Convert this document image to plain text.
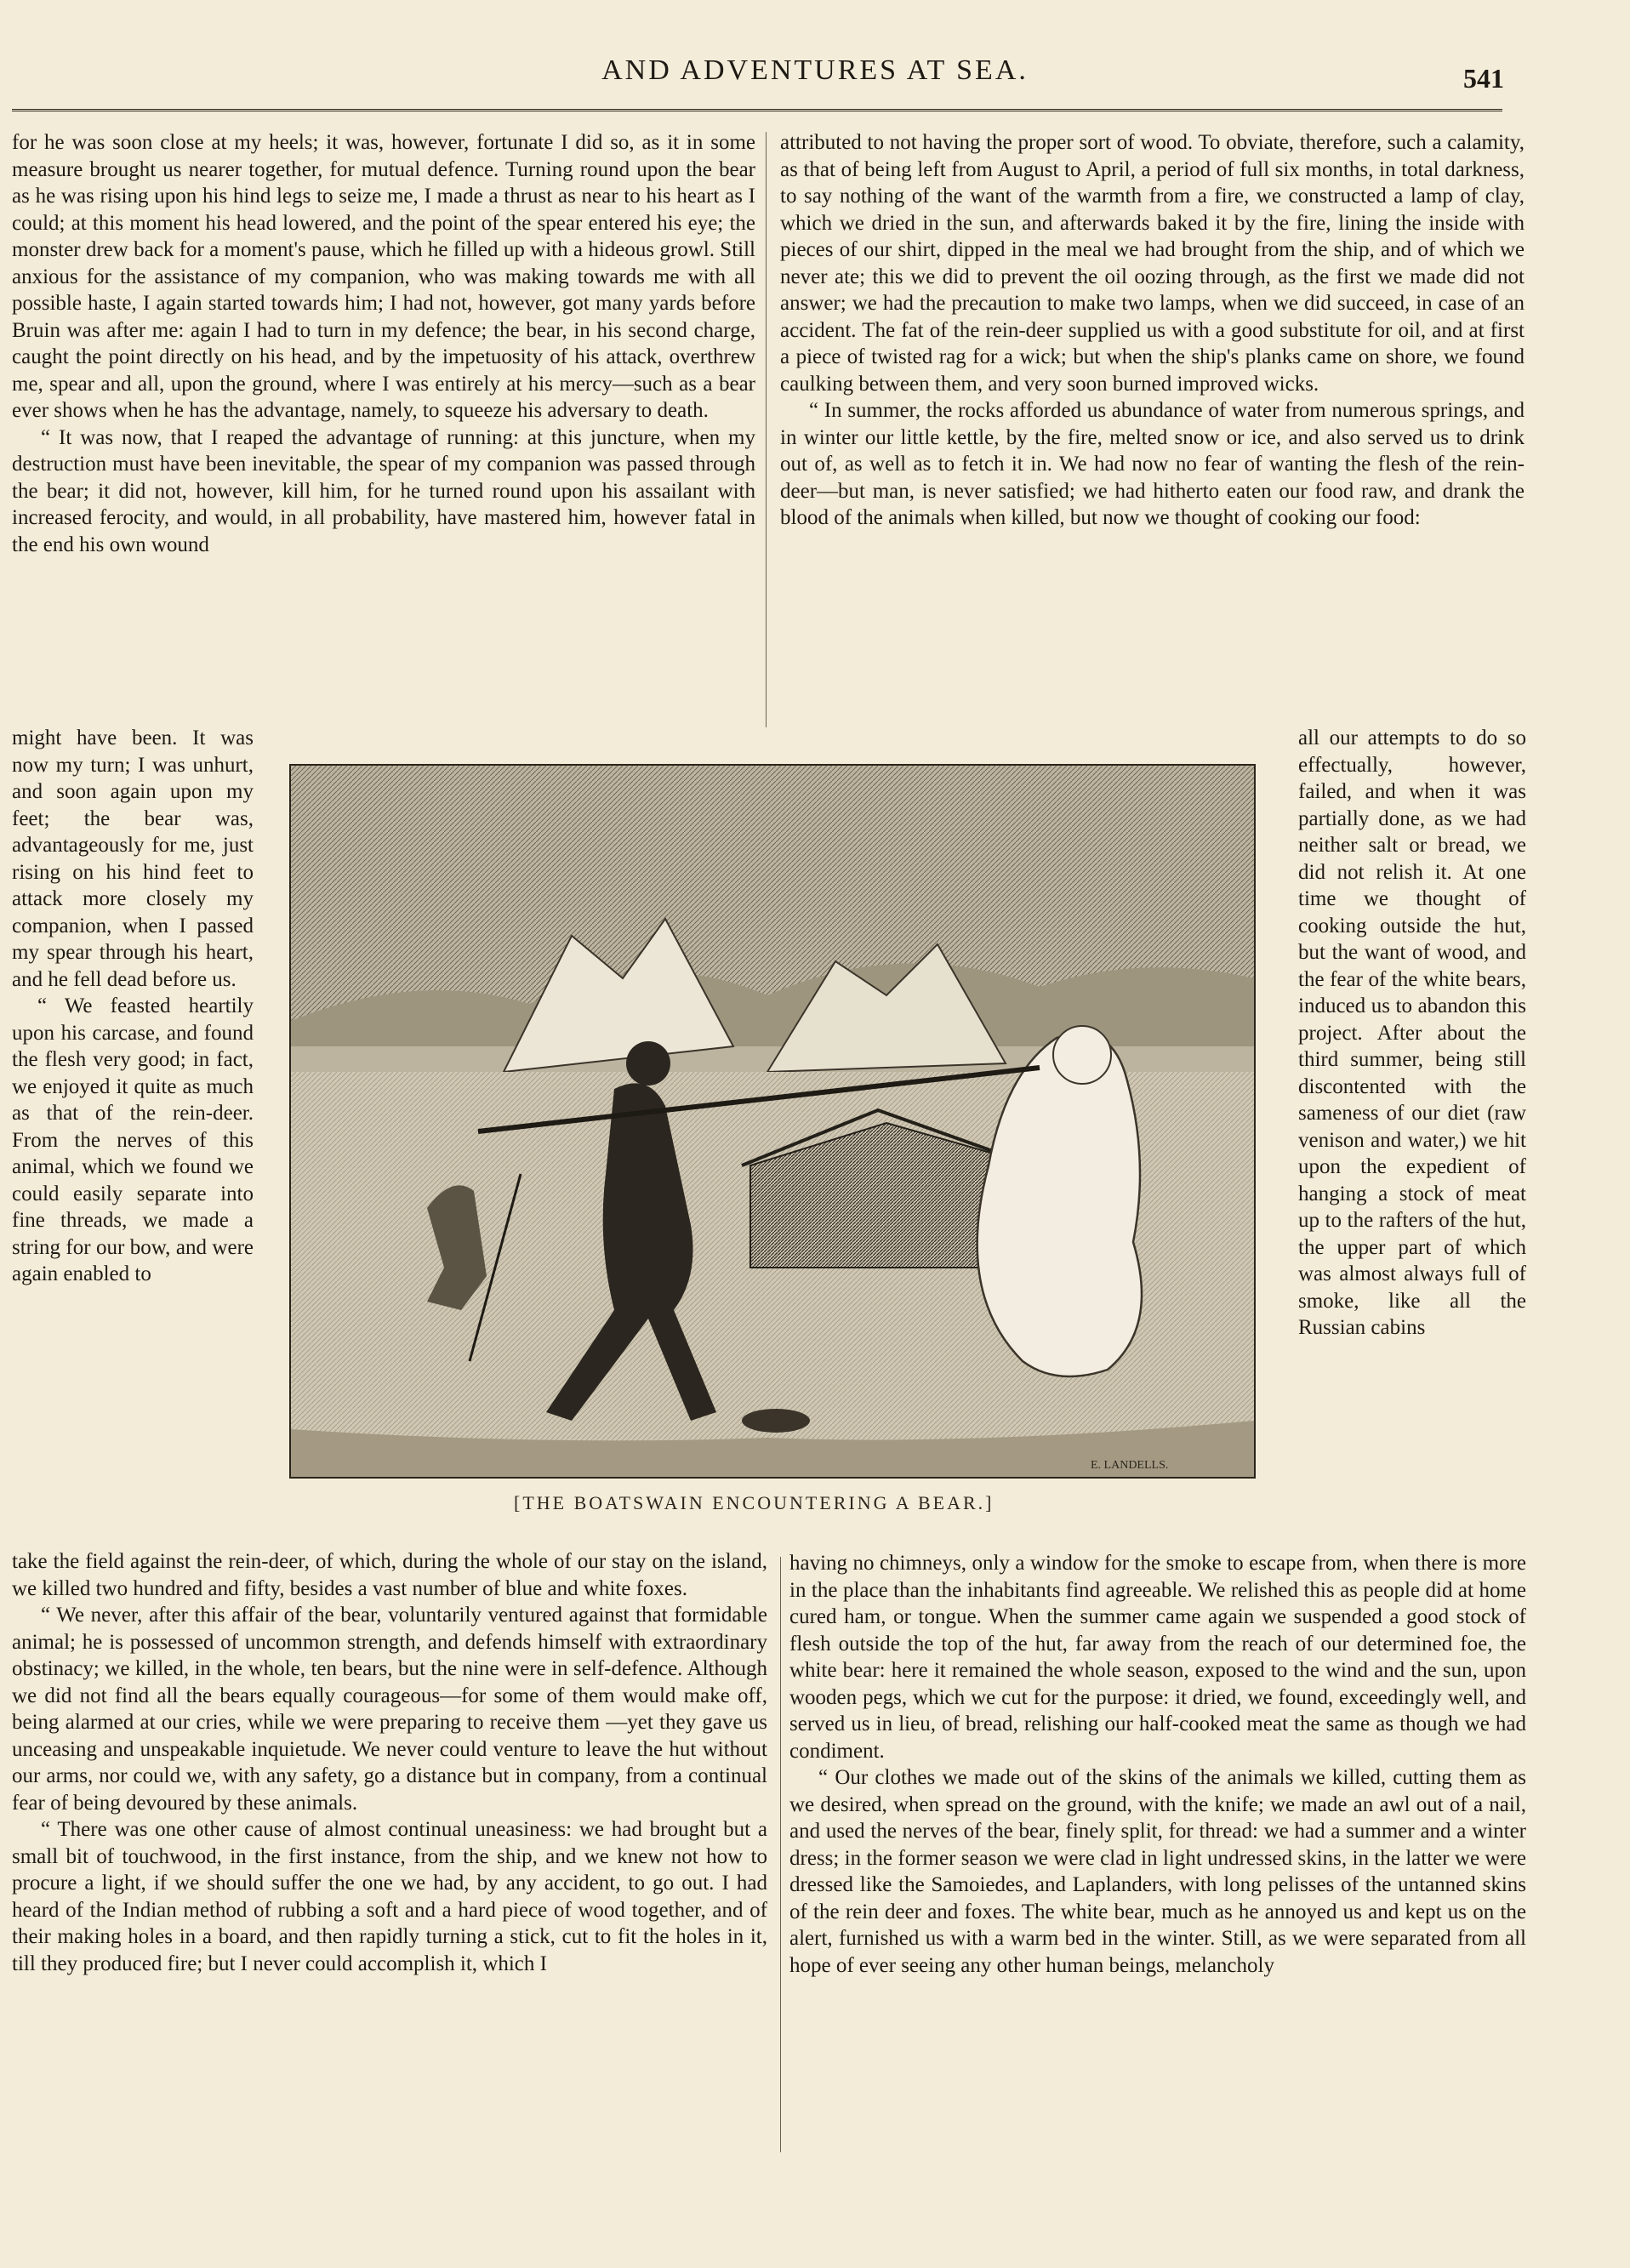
AND ADVENTURES AT SEA.	541

for he was soon close at my heels; it was, however, fortunate I did so, as it in some measure brought us nearer together, for mutual defence. Turning round upon the bear as he was rising upon his hind legs to seize me, I made a thrust as near to his heart as I could; at this moment his head lowered, and the point of the spear entered his eye; the monster drew back for a moment's pause, which he filled up with a hideous growl. Still anxious for the assistance of my companion, who was making towards me with all possible haste, I again started towards him; I had not, however, got many yards before Bruin was after me: again I had to turn in my defence; the bear, in his second charge, caught the point directly on his head, and by the impetuosity of his attack, overthrew me, spear and all, upon the ground, where I was entirely at his mercy—such as a bear ever shows when he has the advantage, namely, to squeeze his adversary to death.

“ It was now, that I reaped the advantage of running: at this juncture, when my destruction must have been inevitable, the spear of my companion was passed through the bear; it did not, however, kill him, for he turned round upon his assailant with increased ferocity, and would, in all probability, have mastered him, however fatal in the end his own wound

attributed to not having the proper sort of wood. To obviate, therefore, such a calamity, as that of being left from August to April, a period of full six months, in total darkness, to say nothing of the want of the warmth from a fire, we constructed a lamp of clay, which we dried in the sun, and afterwards baked it by the fire, lining the inside with pieces of our shirt, dipped in the meal we had brought from the ship, and of which we never ate; this we did to prevent the oil oozing through, as the first we made did not answer; we had the precaution to make two lamps, when we did succeed, in case of an accident. The fat of the rein-deer supplied us with a good substitute for oil, and at first a piece of twisted rag for a wick; but when the ship's planks came on shore, we found caulking between them, and very soon burned improved wicks.

“ In summer, the rocks afforded us abundance of water from numerous springs, and in winter our little kettle, by the fire, melted snow or ice, and also served us to drink out of, as well as to fetch it in. We had now no fear of wanting the flesh of the rein-deer—but man, is never satisfied; we had hitherto eaten our food raw, and drank the blood of the animals when killed, but now we thought of cooking our food:

might have been. It was now my turn; I was unhurt, and soon again upon my feet; the bear was, advantageously for me, just rising on his hind feet to attack more closely my companion, when I passed my spear through his heart, and he fell dead before us.

“ We feasted heartily upon his carcase, and found the flesh very good; in fact, we enjoyed it quite as much as that of the rein-deer. From the nerves of this animal, which we found we could easily separate into fine threads, we made a string for our bow, and were again enabled to

E. LANDELLS.
[THE BOATSWAIN ENCOUNTERING A BEAR.]

all our attempts to do so effectually, however, failed, and when it was partially done, as we had neither salt or bread, we did not relish it. At one time we thought of cooking outside the hut, but the want of wood, and the fear of the white bears, induced us to abandon this project. After about the third summer, being still discontented with the sameness of our diet (raw venison and water,) we hit upon the expedient of hanging a stock of meat up to the rafters of the hut, the upper part of which was almost always full of smoke, like all the Russian cabins

take the field against the rein-deer, of which, during the whole of our stay on the island, we killed two hundred and fifty, besides a vast number of blue and white foxes.

“ We never, after this affair of the bear, voluntarily ventured against that formidable animal; he is possessed of uncommon strength, and defends himself with extraordinary obstinacy; we killed, in the whole, ten bears, but the nine were in self-defence. Although we did not find all the bears equally courageous—for some of them would make off, being alarmed at our cries, while we were preparing to receive them —yet they gave us unceasing and unspeakable inquietude. We never could venture to leave the hut without our arms, nor could we, with any safety, go a distance but in company, from a continual fear of being devoured by these animals.

“ There was one other cause of almost continual uneasiness: we had brought but a small bit of touchwood, in the first instance, from the ship, and we knew not how to procure a light, if we should suffer the one we had, by any accident, to go out. I had heard of the Indian method of rubbing a soft and a hard piece of wood together, and of their making holes in a board, and then rapidly turning a stick, cut to fit the holes in it, till they produced fire; but I never could accomplish it, which I

having no chimneys, only a window for the smoke to escape from, when there is more in the place than the inhabitants find agreeable. We relished this as people did at home cured ham, or tongue. When the summer came again we suspended a good stock of flesh outside the top of the hut, far away from the reach of our determined foe, the white bear: here it remained the whole season, exposed to the wind and the sun, upon wooden pegs, which we cut for the purpose: it dried, we found, exceedingly well, and served us in lieu, of bread, relishing our half-cooked meat the same as though we had condiment.

“ Our clothes we made out of the skins of the animals we killed, cutting them as we desired, when spread on the ground, with the knife; we made an awl out of a nail, and used the nerves of the bear, finely split, for thread: we had a summer and a winter dress; in the former season we were clad in light undressed skins, in the latter we were dressed like the Samoiedes, and Laplanders, with long pelisses of the untanned skins of the rein deer and foxes. The white bear, much as he annoyed us and kept us on the alert, furnished us with a warm bed in the winter. Still, as we were separated from all hope of ever seeing any other human beings, melancholy
